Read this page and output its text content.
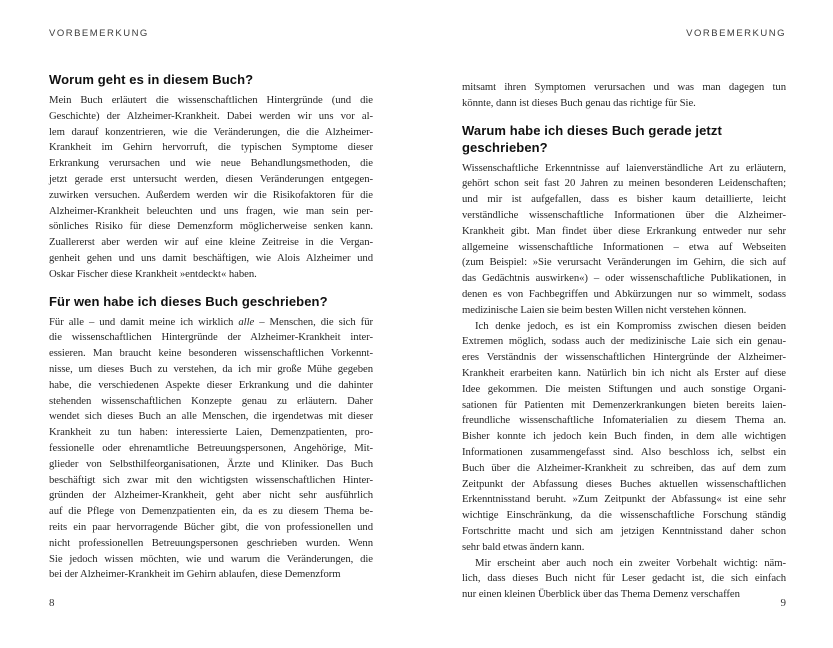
VORBEMERKUNG
Worum geht es in diesem Buch?
Mein Buch erläutert die wissenschaftlichen Hintergründe (und die
Geschichte) der Alzheimer-Krankheit. Dabei werden wir uns vor al-
lem darauf konzentrieren, wie die Veränderungen, die die Alzheimer-
Krankheit im Gehirn hervorruft, die typischen Symptome dieser
Erkrankung verursachen und wie neue Behandlungsmethoden, die
jetzt gerade erst untersucht werden, diesen Veränderungen entgegen-
zuwirken versuchen. Außerdem werden wir die Risikofaktoren für die
Alzheimer-Krankheit beleuchten und uns fragen, wie man sein per-
sönliches Risiko für diese Demenzform möglicherweise senken kann.
Zuallererst aber werden wir auf eine kleine Zeitreise in die Vergan-
genheit gehen und uns damit beschäftigen, wie Alois Alzheimer und
Oskar Fischer diese Krankheit »entdeckt« haben.
Für wen habe ich dieses Buch geschrieben?
Für alle – und damit meine ich wirklich alle – Menschen, die sich für
die wissenschaftlichen Hintergründe der Alzheimer-Krankheit inter-
essieren. Man braucht keine besonderen wissenschaftlichen Vorkennt-
nisse, um dieses Buch zu verstehen, da ich mir große Mühe gegeben
habe, die verschiedenen Aspekte dieser Erkrankung und die dahinter
stehenden wissenschaftlichen Konzepte genau zu erläutern. Daher
wendet sich dieses Buch an alle Menschen, die irgendetwas mit dieser
Krankheit zu tun haben: interessierte Laien, Demenzpatienten, pro-
fessionelle oder ehrenamtliche Betreuungspersonen, Angehörige, Mit-
glieder von Selbsthilfeorganisationen, Ärzte und Kliniker. Das Buch
beschäftigt sich zwar mit den wichtigsten wissenschaftlichen Hinter-
gründen der Alzheimer-Krankheit, geht aber nicht sehr ausführlich
auf die Pflege von Demenzpatienten ein, da es zu diesem Thema be-
reits ein paar hervorragende Bücher gibt, die von professionellen und
nicht professionellen Betreuungspersonen geschrieben wurden. Wenn
Sie jedoch wissen möchten, wie und warum die Veränderungen, die
bei der Alzheimer-Krankheit im Gehirn ablaufen, diese Demenzform
8
VORBEMERKUNG
mitsamt ihren Symptomen verursachen und was man dagegen tun
könnte, dann ist dieses Buch genau das richtige für Sie.
Warum habe ich dieses Buch gerade jetzt geschrieben?
Wissenschaftliche Erkenntnisse auf laienverständliche Art zu erläutern,
gehört schon seit fast 20 Jahren zu meinen besonderen Leidenschaften;
und mir ist aufgefallen, dass es bisher kaum detaillierte, leicht
verständliche wissenschaftliche Informationen über die Alzheimer-
Krankheit gibt. Man findet über diese Erkrankung entweder nur sehr
allgemeine wissenschaftliche Informationen – etwa auf Webseiten
(zum Beispiel: »Sie verursacht Veränderungen im Gehirn, die sich auf
das Gedächtnis auswirken«) – oder wissenschaftliche Publikationen, in
denen es von Fachbegriffen und Abkürzungen nur so wimmelt, sodass
medizinische Laien sie beim besten Willen nicht verstehen können.
Ich denke jedoch, es ist ein Kompromiss zwischen diesen beiden
Extremen möglich, sodass auch der medizinische Laie sich ein genau-
eres Verständnis der wissenschaftlichen Hintergründe der Alzheimer-
Krankheit erarbeiten kann. Natürlich bin ich nicht als Erster auf diese
Idee gekommen. Die meisten Stiftungen und auch sonstige Organi-
sationen für Patienten mit Demenzerkrankungen bieten bereits laien-
freundliche wissenschaftliche Infomaterialien zu diesem Thema an.
Bisher konnte ich jedoch kein Buch finden, in dem alle wichtigen
Informationen zusammengefasst sind. Also beschloss ich, selbst ein
Buch über die Alzheimer-Krankheit zu schreiben, das auf dem zum
Zeitpunkt der Abfassung dieses Buches aktuellen wissenschaftlichen
Erkenntnisstand beruht. »Zum Zeitpunkt der Abfassung« ist eine sehr
wichtige Einschränkung, da die wissenschaftliche Forschung ständig
Fortschritte macht und sich am jetzigen Kenntnisstand daher schon
sehr bald etwas ändern kann.
Mir erscheint aber auch noch ein zweiter Vorbehalt wichtig: näm-
lich, dass dieses Buch nicht für Leser gedacht ist, die sich einfach
nur einen kleinen Überblick über das Thema Demenz verschaffen
9
